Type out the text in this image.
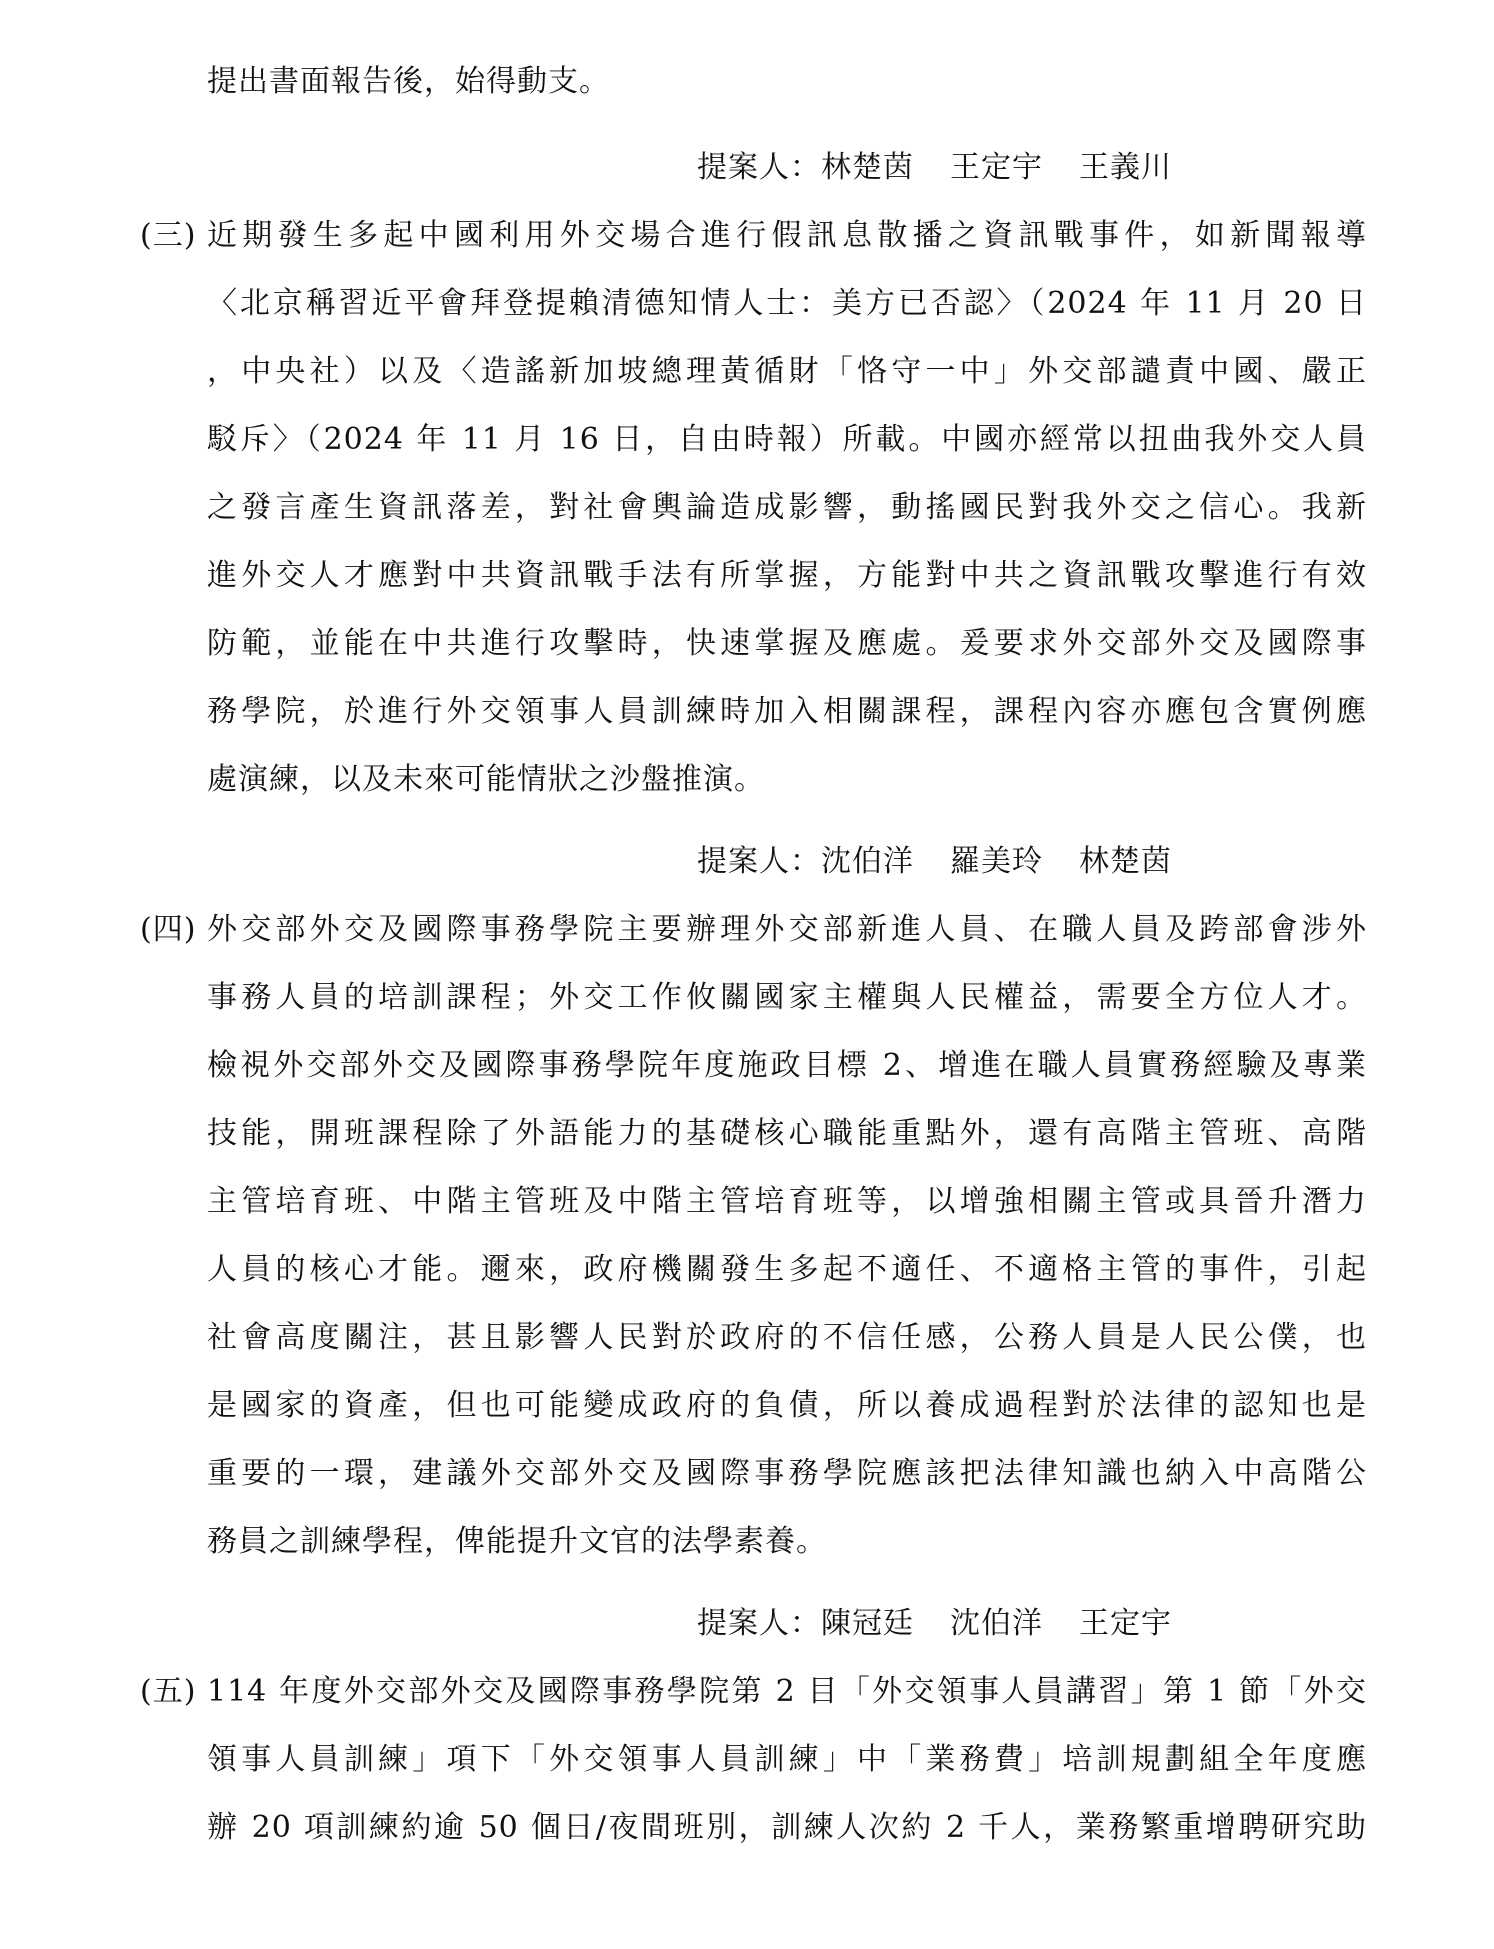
提出書面報告後，始得動支。
提案人：林楚茵 王定宇 王義川
(三) 近期發生多起中國利用外交場合進行假訊息散播之資訊戰事件，如新聞報導
〈北京稱習近平會拜登提賴清德知情人士：美方已否認〉（2024 年 11 月 20 日
，中央社）以及〈造謠新加坡總理黃循財「恪守一中」外交部譴責中國、嚴正
駁斥〉（2024 年 11 月 16 日，自由時報）所載。中國亦經常以扭曲我外交人員
之發言產生資訊落差，對社會輿論造成影響，動搖國民對我外交之信心。我新
進外交人才應對中共資訊戰手法有所掌握，方能對中共之資訊戰攻擊進行有效
防範，並能在中共進行攻擊時，快速掌握及應處。爰要求外交部外交及國際事
務學院，於進行外交領事人員訓練時加入相關課程，課程內容亦應包含實例應
處演練，以及未來可能情狀之沙盤推演。
提案人：沈伯洋 羅美玲 林楚茵
(四) 外交部外交及國際事務學院主要辦理外交部新進人員、在職人員及跨部會涉外
事務人員的培訓課程；外交工作攸關國家主權與人民權益，需要全方位人才。
檢視外交部外交及國際事務學院年度施政目標 2、增進在職人員實務經驗及專業
技能，開班課程除了外語能力的基礎核心職能重點外，還有高階主管班、高階
主管培育班、中階主管班及中階主管培育班等，以增強相關主管或具晉升潛力
人員的核心才能。邇來，政府機關發生多起不適任、不適格主管的事件，引起
社會高度關注，甚且影響人民對於政府的不信任感，公務人員是人民公僕，也
是國家的資產，但也可能變成政府的負債，所以養成過程對於法律的認知也是
重要的一環，建議外交部外交及國際事務學院應該把法律知識也納入中高階公
務員之訓練學程，俾能提升文官的法學素養。
提案人：陳冠廷 沈伯洋 王定宇
(五) 114 年度外交部外交及國際事務學院第 2 目「外交領事人員講習」第 1 節「外交
領事人員訓練」項下「外交領事人員訓練」中「業務費」培訓規劃組全年度應
辦 20 項訓練約逾 50 個日/夜間班別，訓練人次約 2 千人，業務繁重增聘研究助
